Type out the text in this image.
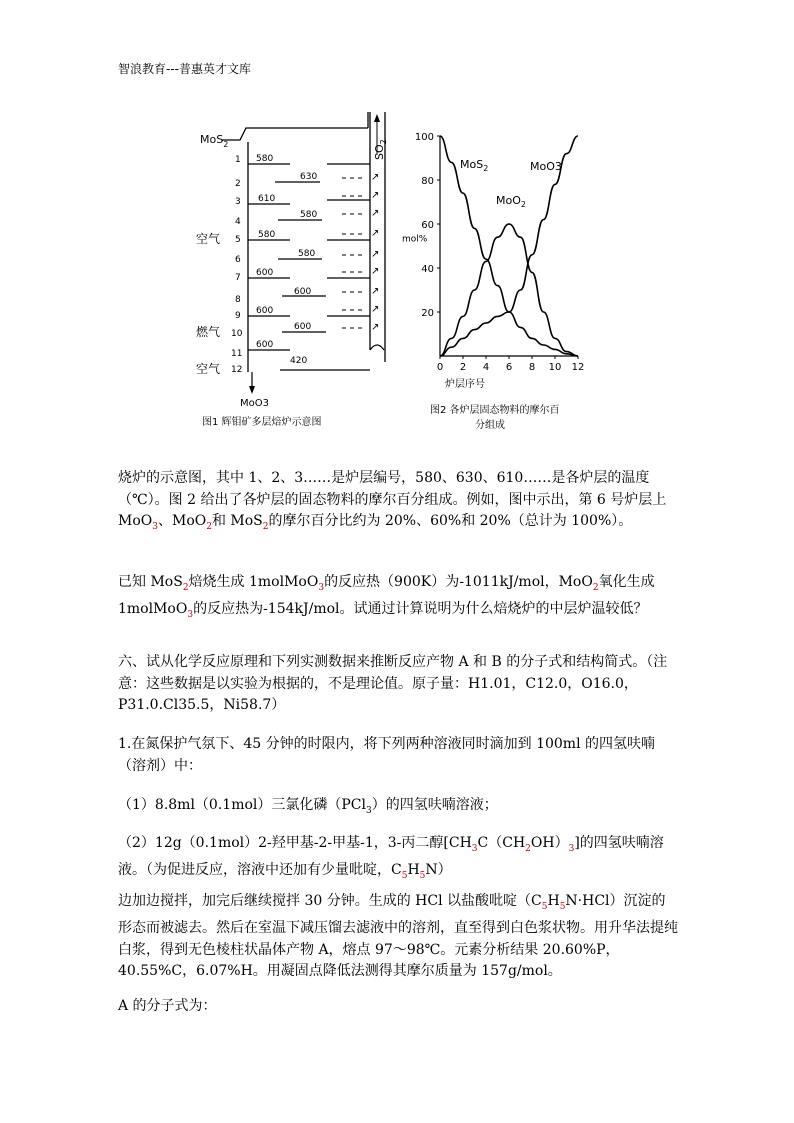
智浪教育---普惠英才文库
MoS$_2$	$SO_2$
1
2
3
4
5
6
7
8
9
10
11
12
↗
↗
↗
↗
↗
↗
↗
↗
↗
580
630
610
580
580
580
600
600
600
600
600
420
空气
燃气
空气
MoO3
图1 辉钼矿多层焙炉示意图
0 2 4 6 8 10 12
20
40
60
80
100
mol%
MoS$_2$
MoO$_2$
MoO3
炉层序号
图2 各炉层固态物料的摩尔百
分组成

烧炉的示意图，其中 1、2、3……是炉层编号，580、630、610……是各炉层的温度（℃）。图 2 给出了各炉层的固态物料的摩尔百分组成。例如，图中示出，第 6 号炉层上 MoO$_3$、MoO$_2$和 MoS$_2$的摩尔百分比约为 20%、60%和 20%（总计为 100%）。

已知 MoS$_2$焙烧生成 1molMoO$_3$的反应热（900K）为-1011kJ/mol，MoO$_2$氧化生成 1molMoO$_3$的反应热为-154kJ/mol。试通过计算说明为什么焙烧炉的中层炉温较低？

六、试从化学反应原理和下列实测数据来推断反应产物 A 和 B 的分子式和结构简式。（注意：这些数据是以实验为根据的，不是理论值。原子量：H1.01，C12.0，O16.0，P31.0.Cl35.5，Ni58.7）

1.在氮保护气氛下、45 分钟的时限内，将下列两种溶液同时滴加到 100ml 的四氢呋喃（溶剂）中：

（1）8.8ml（0.1mol）三氯化磷（PCl$_3$）的四氢呋喃溶液；

（2）12g（0.1mol）2-羟甲基-2-甲基-1，3-丙二醇$[CH_3C(CH_2OH)_3]$的四氢呋喃溶液。（为促进反应，溶液中还加有少量吡啶，$C_5H_5N$）

边加边搅拌，加完后继续搅拌 30 分钟。生成的 HCl 以盐酸吡啶$(C_5H_5N\cdot HCl)$沉淀的形态而被滤去。然后在室温下减压馏去滤液中的溶剂，直至得到白色浆状物。用升华法提纯白浆，得到无色棱柱状晶体产物 A，熔点 97～98℃。元素分析结果 20.60%P，40.55%C，6.07%H。用凝固点降低法测得其摩尔质量为 157g/mol。

A 的分子式为：
